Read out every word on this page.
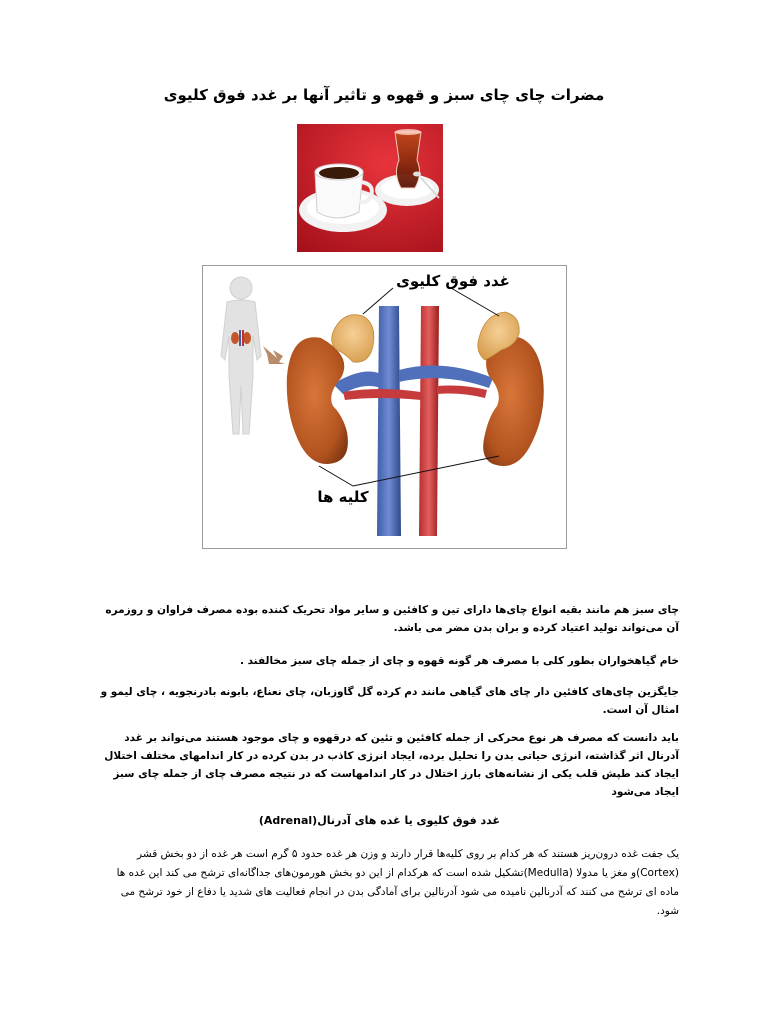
مضرات چای چای سبز و قهوه و تاثیر آنها بر غدد فوق کلیوی
غدد فوق کلیوی
کلیه ها

چای سبز هم مانند بقیه انواع چای‌ها دارای تین و کافئین و سایر مواد تحریک کننده بوده مصرف فراوان و روزمره آن می‌تواند تولید اعتیاد کرده و بران بدن مضر می باشد.

خام گیاهخواران بطور کلی با مصرف هر گونه قهوه و چای از جمله چای سبز مخالفند .

جایگزین چای‌های کافئین دار چای های گیاهی مانند دم کرده گل گاوزبان، چای نعناع، بابونه بادرنجویه ، چای لیمو و امثال آن است.

باید دانست که مصرف هر نوع محرکی از جمله کافئین و تئین که درقهوه و چای موجود هستند می‌تواند بر غدد آدرنال اثر گذاشته، انرژی حیاتی بدن را تحلیل برده، ایجاد انرژی کاذب در بدن کرده در کار اندامهای مختلف اختلال ایجاد کند طپش قلب یکی از نشانه‌های بارز اختلال در کار اندامهاست که در نتیجه مصرف چای از جمله چای سبز ایجاد می‌شود

غدد فوق کلیوی یا غده های آدرنال(Adrenal)

یک جفت غده درون‌ریز هستند که هر کدام بر روی کلیه‌ها قرار دارند و وزن هر غده حدود ۵ گرم است هر غده از دو بخش قشر (Cortex)و مغز یا مدولا (Medulla)تشکیل شده است که هرکدام از این دو بخش هورمون‌های جداگانه‌ای ترشح می کند این غده ها ماده ای ترشح می کنند که آدرنالین نامیده می شود آدرنالین برای آمادگی بدن در انجام فعالیت های شدید یا دفاع از خود ترشح می شود.
